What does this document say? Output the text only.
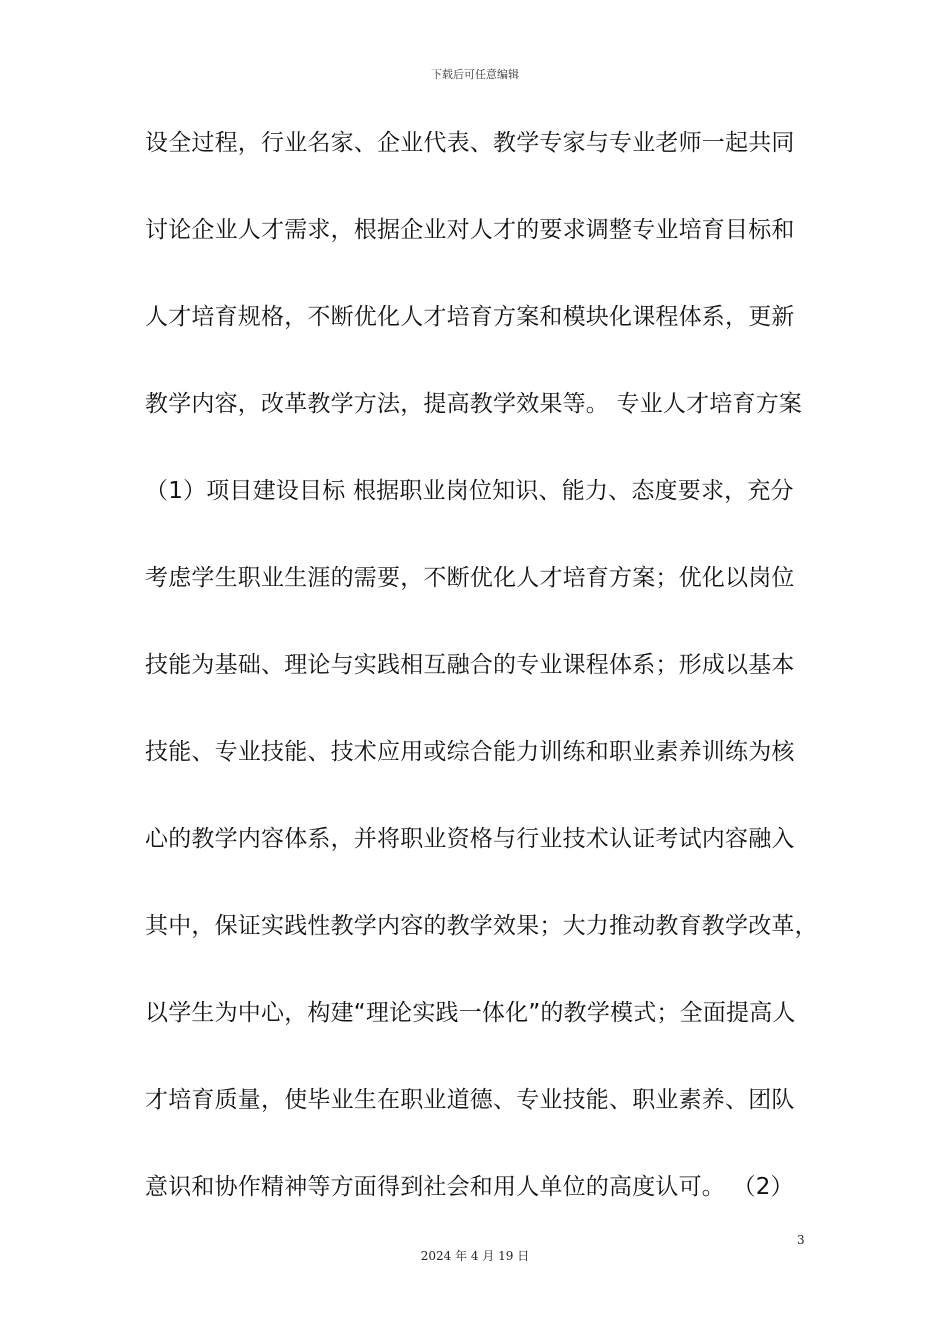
下载后可任意编辑
设全过程，行业名家、企业代表、教学专家与专业老师一起共同
讨论企业人才需求，根据企业对人才的要求调整专业培育目标和
人才培育规格，不断优化人才培育方案和模块化课程体系，更新
教学内容，改革教学方法，提高教学效果等。 专业人才培育方案
（1）项目建设目标 根据职业岗位知识、能力、态度要求，充分
考虑学生职业生涯的需要，不断优化人才培育方案；优化以岗位
技能为基础、理论与实践相互融合的专业课程体系；形成以基本
技能、专业技能、技术应用或综合能力训练和职业素养训练为核
心的教学内容体系，并将职业资格与行业技术认证考试内容融入
其中，保证实践性教学内容的教学效果；大力推动教育教学改革，
以学生为中心，构建“理论实践一体化”的教学模式；全面提高人
才培育质量，使毕业生在职业道德、专业技能、职业素养、团队
意识和协作精神等方面得到社会和用人单位的高度认可。 （2）
3
2024 年 4 月 19 日
